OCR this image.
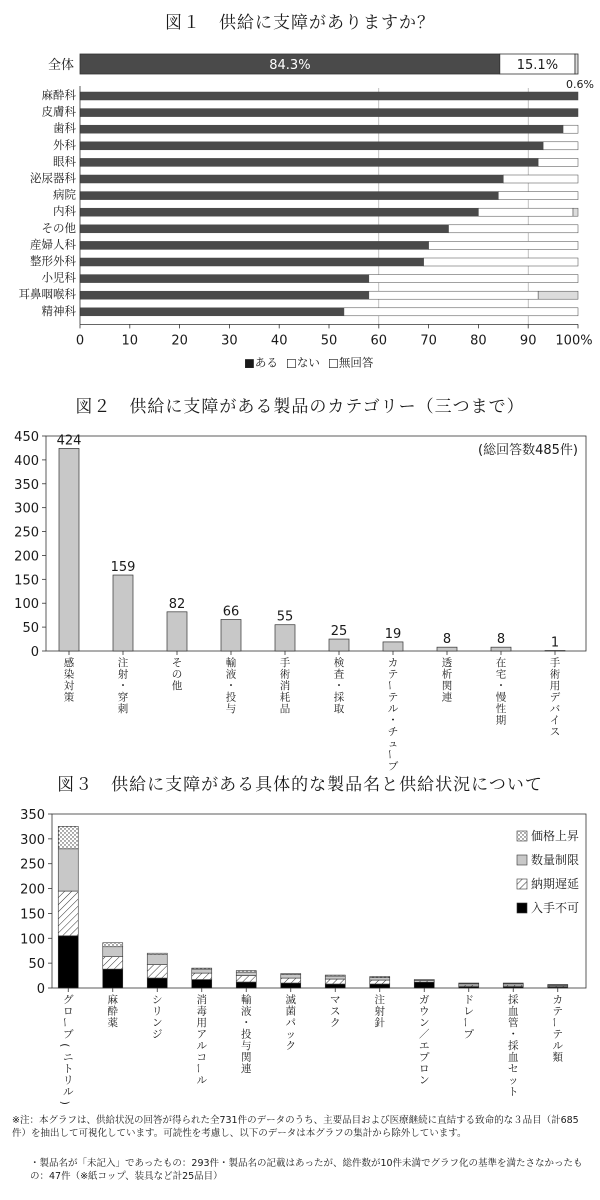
図１　供給に支障がありますか？
全体	84.3%	15.1%
0.6%
麻酔科
皮膚科
歯科
外科
眼科
泌尿器科
病院
内科
その他
産婦人科
整形外科
小児科
耳鼻咽喉科
精神科
0	10	20	30	40	50	60	70	80	90 100%
■ある □ない □無回答
図２　供給に支障がある製品のカテゴリー（三つまで）
0
50
100
150
200
250
300
350
400
450
(総回答数485件)
424
感
染
対
策
159
注
射
・
穿
刺
82
そ
の
他
66
輸
液
・
投
与
55
手
術
消
耗
品
25
検
査
・
採
取
19
カ
テ
ー
テ
ル
・
チ
ュ
ー
ブ
8
透
析
関
連
8
在
宅
・
慢
性
期
1
手
術
用
デ
バ
イ
ス
図３　供給に支障がある具体的な製品名と供給状況について
0
50
100
150
200
250
300
350
グ
ロ
ー
ブ
(
ニ
ト
リ
ル
)
麻
酔
薬
シ
リ
ン
ジ
消
毒
用
ア
ル
コ
ー
ル
輸
液
・
投
与
関
連
滅
菌
パ
ッ
ク
マ
ス
ク
注
射
針
ガ
ウ
ン
／
エ
プ
ロ
ン
ド
レ
ー
プ
採
血
管
・
採
血
セ
ッ
ト
カ
テ
ー
テ
ル
類
価格上昇
数量制限
納期遅延
入手不可
※注：本グラフは、供給状況の回答が得られた全731件のデータのうち、主要品目および医療継続に直結する致命的な３品目（計685件）を抽出して可視化しています。可読性を考慮し、以下のデータは本グラフの集計から除外しています。
・製品名が「未記入」であったもの：293件・製品名の記載はあったが、総件数が10件未満でグラフ化の基準を満たさなかったもの：47件（※紙コップ、装具など計25品目）
